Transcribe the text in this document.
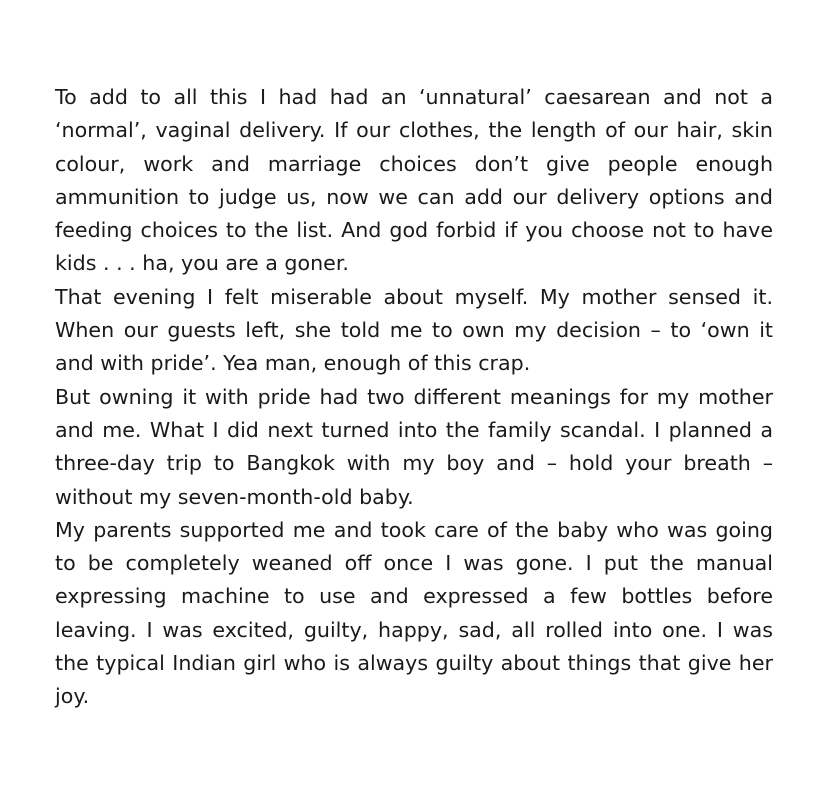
To add to all this I had had an ‘unnatural’ caesarean and not a ‘normal’, vaginal delivery. If our clothes, the length of our hair, skin colour, work and marriage choices don’t give people enough ammunition to judge us, now we can add our delivery options and feeding choices to the list. And god forbid if you choose not to have kids . . . ha, you are a goner.

That evening I felt miserable about myself. My mother sensed it. When our guests left, she told me to own my decision – to ‘own it and with pride’. Yea man, enough of this crap.

But owning it with pride had two different meanings for my mother and me. What I did next turned into the family scandal. I planned a three-day trip to Bangkok with my boy and – hold your breath – without my seven-month-old baby.

My parents supported me and took care of the baby who was going to be completely weaned off once I was gone. I put the manual expressing machine to use and expressed a few bottles before leaving. I was excited, guilty, happy, sad, all rolled into one. I was the typical Indian girl who is always guilty about things that give her joy.
